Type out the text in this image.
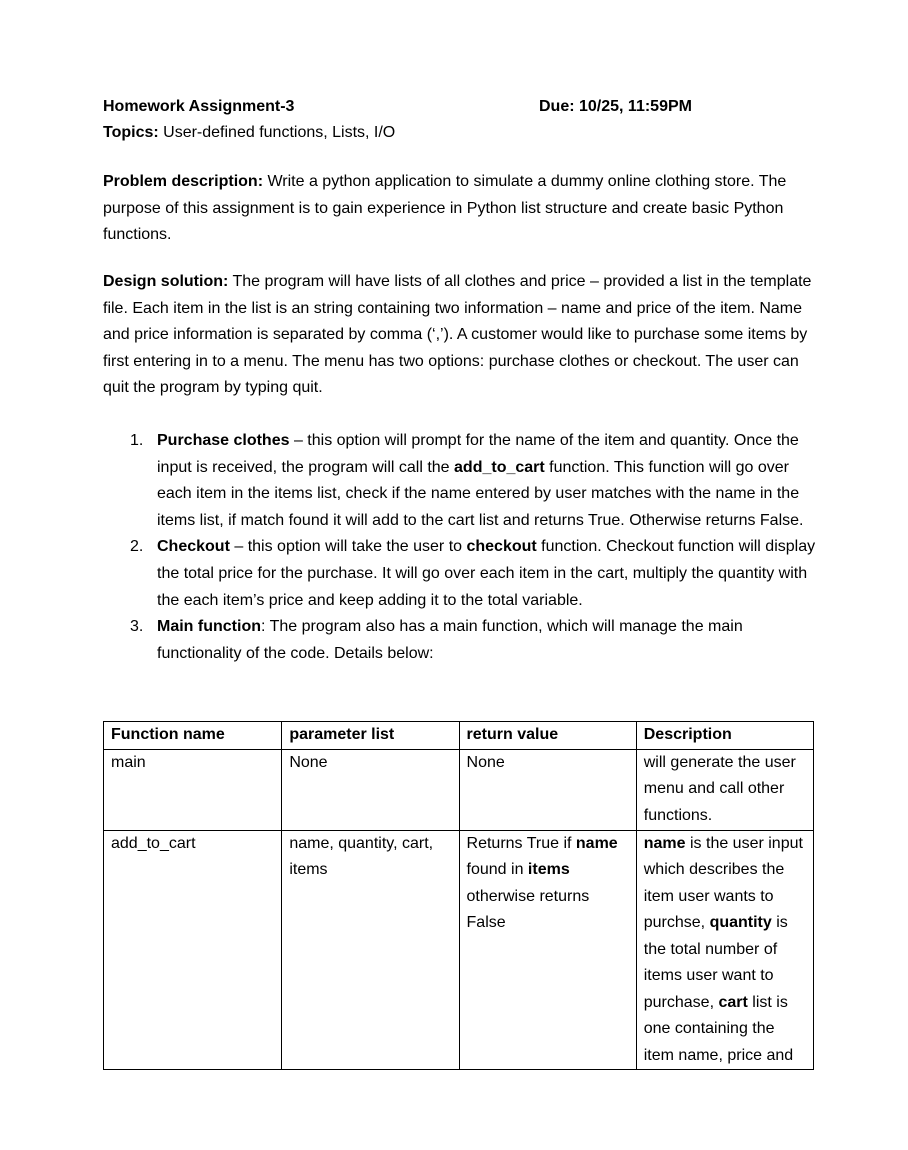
Homework Assignment-3	Due: 10/25, 11:59PM
Topics: User-defined functions, Lists, I/O
Problem description: Write a python application to simulate a dummy online clothing store. The purpose of this assignment is to gain experience in Python list structure and create basic Python functions.
Design solution: The program will have lists of all clothes and price – provided a list in the template file. Each item in the list is an string containing two information – name and price of the item. Name and price information is separated by comma (‘,’). A customer would like to purchase some items by first entering in to a menu. The menu has two options: purchase clothes or checkout. The user can quit the program by typing quit.
1. Purchase clothes – this option will prompt for the name of the item and quantity. Once the input is received, the program will call the add_to_cart function. This function will go over each item in the items list, check if the name entered by user matches with the name in the items list, if match found it will add to the cart list and returns True. Otherwise returns False.
2. Checkout – this option will take the user to checkout function. Checkout function will display the total price for the purchase. It will go over each item in the cart, multiply the quantity with the each item’s price and keep adding it to the total variable.
3. Main function: The program also has a main function, which will manage the main functionality of the code. Details below:
Function name	parameter list	return value	Description
main	None	None	will generate the user menu and call other functions.
add_to_cart	name, quantity, cart, items	Returns True if name found in items otherwise returns False	name is the user input which describes the item user wants to purchse, quantity is the total number of items user want to purchase, cart list is one containing the item name, price and
